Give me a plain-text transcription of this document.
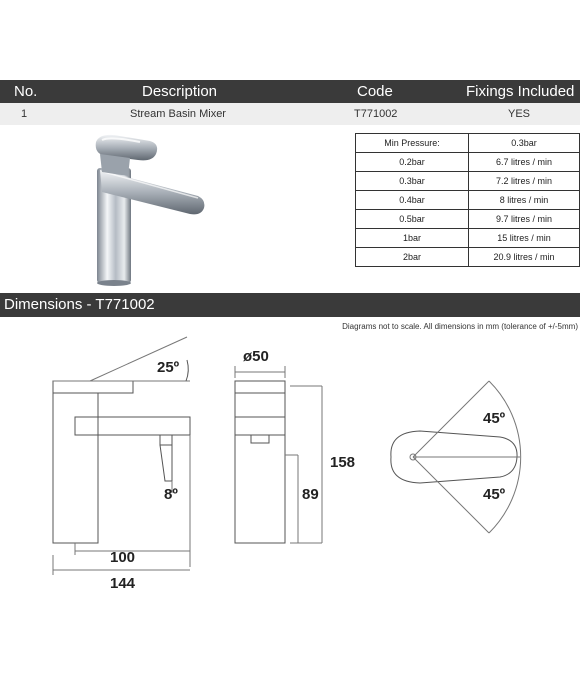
No.	Description	Code	Fixings Included
1	Stream Basin Mixer	T771002	YES
Min Pressure:	0.3bar
0.2bar	6.7 litres / min
0.3bar	7.2 litres / min
0.4bar	8 litres / min
0.5bar	9.7 litres / min
1bar	15 litres / min
2bar	20.9 litres / min
Dimensions - T771002
Diagrams not to scale. All dimensions in mm (tolerance of +/-5mm)
25º
8º
100
144
ø50
158
89
45º
45º
